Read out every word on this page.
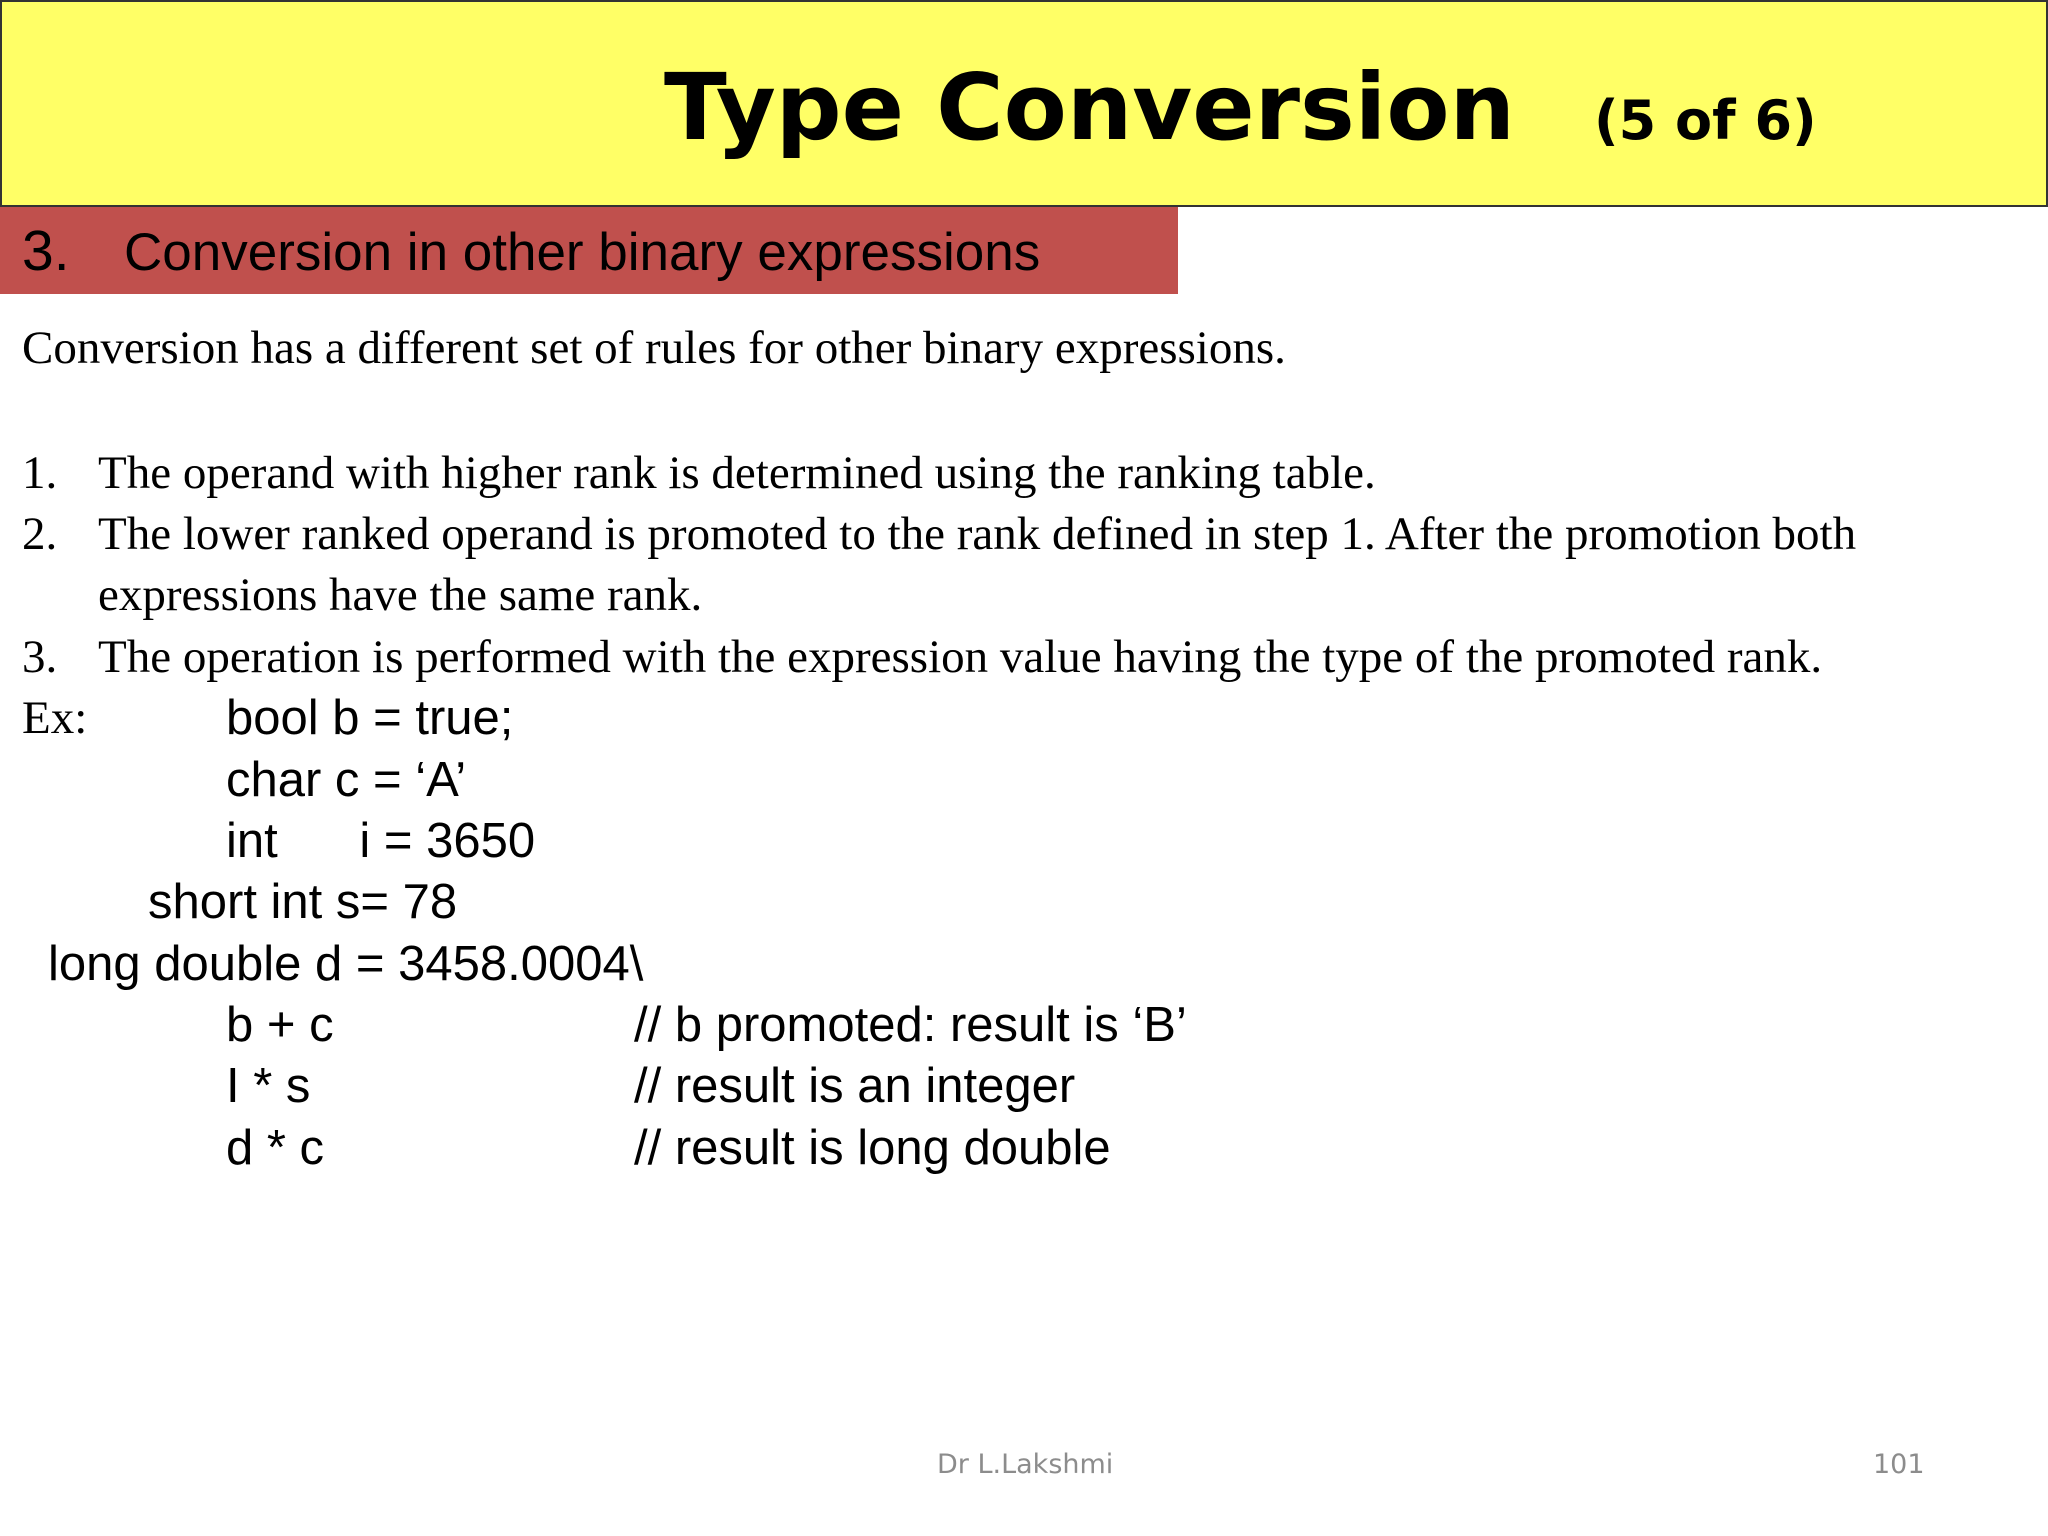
Type Conversion (5 of 6)
3. Conversion in other binary expressions
Conversion has a different set of rules for other binary expressions.
1. The operand with higher rank is determined using the ranking table.
2. The lower ranked operand is promoted to the rank defined in step 1. After the promotion both expressions have the same rank.
3. The operation is performed with the expression value having the type of the promoted rank.
Ex:	bool b = true;
char c = ‘A’
int      i = 3650
short int s= 78
long double d = 3458.0004\
b + c	// b promoted: result is ‘B’
I * s	// result is an integer
d * c	// result is long double
Dr L.Lakshmi	101
